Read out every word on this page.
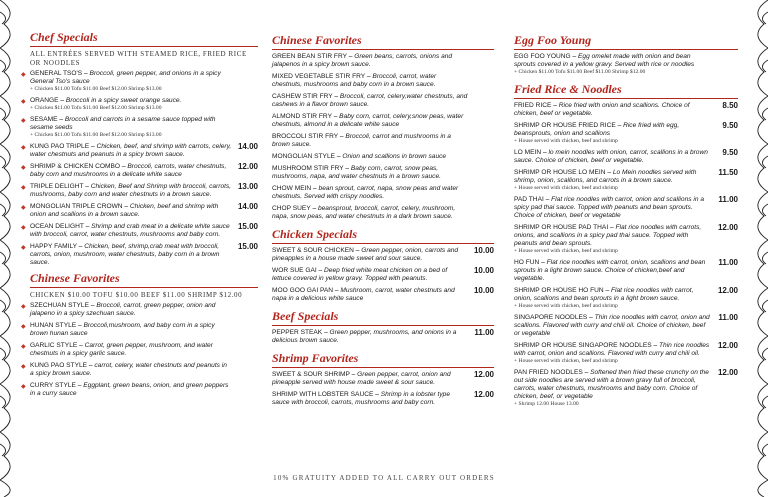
Chef Specials
ALL ENTRÉES SERVED WITH STEAMED RICE, FRIED RICE OR NOODLES
◆ GENERAL TSO'S – Broccoli, green pepper, and onions in a spicy General Tso's sauce
+ Chicken $11.00 Tofu $11.00 Beef $12.00 Shrimp $13.00
◆ ORANGE – Broccoli in a spicy sweet orange sauce.
+ Chicken $11.00 Tofu $11.00 Beef $12.00 Shrimp $13.00
◆ SESAME – Broccoli and carrots in a sesame sauce topped with sesame seeds
+ Chicken $11.00 Tofu $11.00 Beef $12.00 Shrimp $13.00
◆ KUNG PAO TRIPLE – Chicken, beef, and shrimp with carrots, celery, water chestnuts and peanuts in a spicy brown sauce.
14.00
◆ SHRIMP & CHICKEN COMBO – Broccoli, carrots, water chestnuts, baby corn and mushrooms in a delicate white sauce
12.00
◆ TRIPLE DELIGHT – Chicken, Beef and Shrimp with broccoli, carrots, mushrooms, baby corn and water chestnuts in a brown sauce.
13.00
◆ MONGOLIAN TRIPLE CROWN – Chicken, beef and shrimp with onion and scallions in a brown sauce.
14.00
◆ OCEAN DELIGHT – Shrimp and crab meat in a delicate white sauce with broccoli, carrot, water chestnuts, mushrooms and baby corn.
15.00
◆ HAPPY FAMILY – Chicken, beef, shrimp,crab meat with broccoli, carrots, onion, mushroom, water chestnuts, baby corn in a brown sauce.
15.00
Chinese Favorites
CHICKEN $10.00 TOFU $10.00 BEEF $11.00 SHRIMP $12.00
◆ SZECHUAN STYLE – Broccoli, carrot, green pepper, onion and jalapeno in a spicy szechuan sauce.
◆ HUNAN STYLE – Broccoli,mushroom, and baby corn in a spicy brown hunan sauce
◆ GARLIC STYLE – Carrot, green pepper, mushroom, and water chestnuts in a spicy garlic sauce.
◆ KUNG PAO STYLE – carrot, celery, water chestnuts and peanuts in a spicy brown sauce.
◆ CURRY STYLE – Eggplant, green beans, onion, and green peppers in a curry sauce
Chinese Favorites
GREEN BEAN STIR FRY – Green beans, carrots, onions and jalapenos in a spicy brown sauce.
MIXED VEGETABLE STIR FRY – Broccoli, carrot, water chestnuts, mushrooms and baby corn in a brown sauce.
CASHEW STIR FRY – Broccoli, carrot, celery,water chestnuts, and cashews in a flavor brown sauce.
ALMOND STIR FRY – Baby corn, carrot, celery,snow peas, water chestnuts, almond in a delicate white sauce
BROCCOLI STIR FRY – Broccoli, carrot and mushrooms in a brown sauce.
MONGOLIAN STYLE – Onion and scallions in brown sauce
MUSHROOM STIR FRY – Baby corn, carrot, snow peas, mushrooms, napa, and water chestnuts in a brown sauce.
CHOW MEIN – bean sprout, carrot, napa, snow peas and water chestnuts. Served with crispy noodles.
CHOP SUEY – beansprout, broccoli, carrot, celery, mushroom, napa, snow peas, and water chestnuts in a dark brown sauce.
Chicken Specials
SWEET & SOUR CHICKEN – Green pepper, onion, carrots and pineapples in a house made sweet and sour sauce.
10.00
WOR SUE GAI – Deep fried white meat chicken on a bed of lettuce covered in yellow gravy. Topped with peanuts.
10.00
MOO GOO GAI PAN – Mushroom, carrot, water chestnuts and napa in a delicious white sauce
10.00
Beef Specials
PEPPER STEAK – Green pepper, mushrooms, and onions in a delicious brown sauce.
11.00
Shrimp Favorites
SWEET & SOUR SHRIMP – Green pepper, carrot, onion and pineapple served with house made sweet & sour sauce.
12.00
SHRIMP WITH LOBSTER SAUCE – Shrimp in a lobster type sauce with broccoli, carrots, mushrooms and baby corn.
12.00
Egg Foo Young
EGG FOO YOUNG – Egg omelet made with onion and bean sprouts covered in a yellow gravy. Served with rice or noodles
+ Chicken $11.00 Tofu $11.00 Beef $11.00 Shrimp $12.00
Fried Rice & Noodles
FRIED RICE – Rice fried with onion and scallions. Choice of chicken, beef or vegetable.
8.50
SHRIMP OR HOUSE FRIED RICE – Rice fried with egg, beansprouts, onion and scallions
+ House served with chicken, beef and shrimp
9.50
LO MEIN – lo mein noodles with onion, carrot, scallions in a brown sauce. Choice of chicken, beef or vegetable.
9.50
SHRIMP OR HOUSE LO MEIN – Lo Mein noodles served with shrimp, onion, scallions, and carrots in a brown sauce.
+ House served with chicken, beef and shrimp
11.50
PAD THAI – Flat rice noodles with carrot, onion and scallions in a spicy pad thai sauce. Topped with peanuts and bean sprouts. Choice of chicken, beef or vegetable
11.00
SHRIMP OR HOUSE PAD THAI – Flat rice noodles with carrots, onions, and scallions in a spicy pad thai sauce. Topped with peanuts and bean sprouts.
+ House served with chicken, beef and shrimp
12.00
HO FUN – Flat rice noodles with carrot, onion, scallions and bean sprouts in a light brown sauce. Choice of chicken,beef and vegetable.
11.00
SHRIMP OR HOUSE HO FUN – Flat rice noodles with carrot, onion, scallions and bean sprouts in a light brown sauce.
+ House served with chicken, beef and shrimp
12.00
SINGAPORE NOODLES – Thin rice noodles with carrot, onion and scallions. Flavored with curry and chili oil. Choice of chicken, beef or vegetable
11.00
SHRIMP OR HOUSE SINGAPORE NOODLES – Thin rice noodles with carrot, onion and scallions. Flavored with curry and chili oil.
+ House served with chicken, beef and shrimp
12.00
PAN FRIED NOODLES – Softened then fried these crunchy on the out side noodles are served with a brown gravy full of broccoli, carrots, water chestnuts, mushrooms and baby corn. Choice of chicken, beef, or vegetable
+ Shrimp 12.00 House 13.00
12.00
10% GRATUITY ADDED TO ALL CARRY OUT ORDERS
